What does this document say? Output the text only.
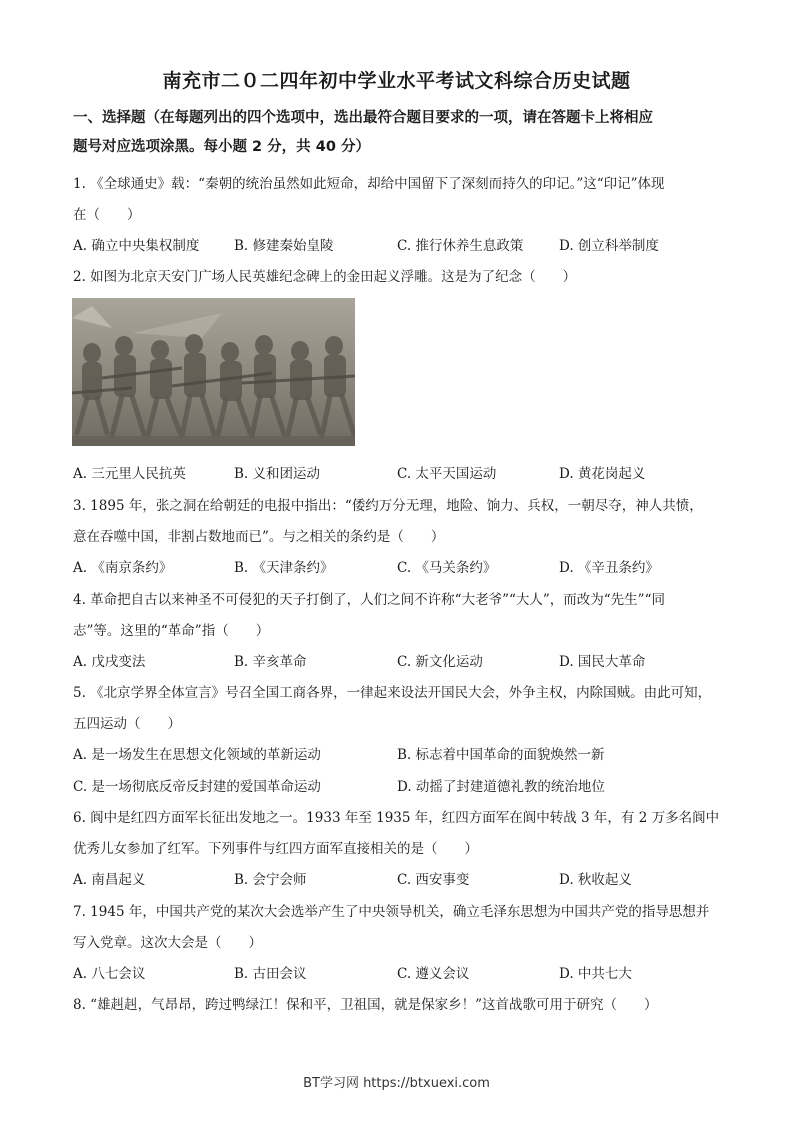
南充市二０二四年初中学业水平考试文科综合历史试题
一、选择题（在每题列出的四个选项中，选出最符合题目要求的一项，请在答题卡上将相应
题号对应选项涂黑。每小题 2 分，共 40 分）
1. 《全球通史》载：“秦朝的统治虽然如此短命，却给中国留下了深刻而持久的印记。”这“印记”体现
在（　　）
A. 确立中央集权制度	B. 修建秦始皇陵	C. 推行休养生息政策	D. 创立科举制度
2. 如图为北京天安门广场人民英雄纪念碑上的金田起义浮雕。这是为了纪念（　　）
A. 三元里人民抗英	B. 义和团运动	C. 太平天国运动	D. 黄花岗起义
3. 1895 年，张之洞在给朝廷的电报中指出：“倭约万分无理，地险、饷力、兵权，一朝尽夺，神人共愤，
意在吞噬中国，非割占数地而已”。与之相关的条约是（　　）
A. 《南京条约》	B. 《天津条约》	C. 《马关条约》	D. 《辛丑条约》
4. 革命把自古以来神圣不可侵犯的天子打倒了，人们之间不许称“大老爷”“大人”，而改为“先生”“同
志”等。这里的“革命”指（　　）
A. 戊戌变法	B. 辛亥革命	C. 新文化运动	D. 国民大革命
5. 《北京学界全体宣言》号召全国工商各界，一律起来设法开国民大会，外争主权，内除国贼。由此可知，
五四运动（　　）
A. 是一场发生在思想文化领域的革新运动	B. 标志着中国革命的面貌焕然一新
C. 是一场彻底反帝反封建的爱国革命运动	D. 动摇了封建道德礼教的统治地位
6. 阆中是红四方面军长征出发地之一。1933 年至 1935 年，红四方面军在阆中转战 3 年，有 2 万多名阆中
优秀儿女参加了红军。下列事件与红四方面军直接相关的是（　　）
A. 南昌起义	B. 会宁会师	C. 西安事变	D. 秋收起义
7. 1945 年，中国共产党的某次大会选举产生了中央领导机关，确立毛泽东思想为中国共产党的指导思想并
写入党章。这次大会是（　　）
A. 八七会议	B. 古田会议	C. 遵义会议	D. 中共七大
8. “雄赳赳，气昂昂，跨过鸭绿江！保和平，卫祖国，就是保家乡！”这首战歌可用于研究（　　）
BT学习网 https://btxuexi.com
